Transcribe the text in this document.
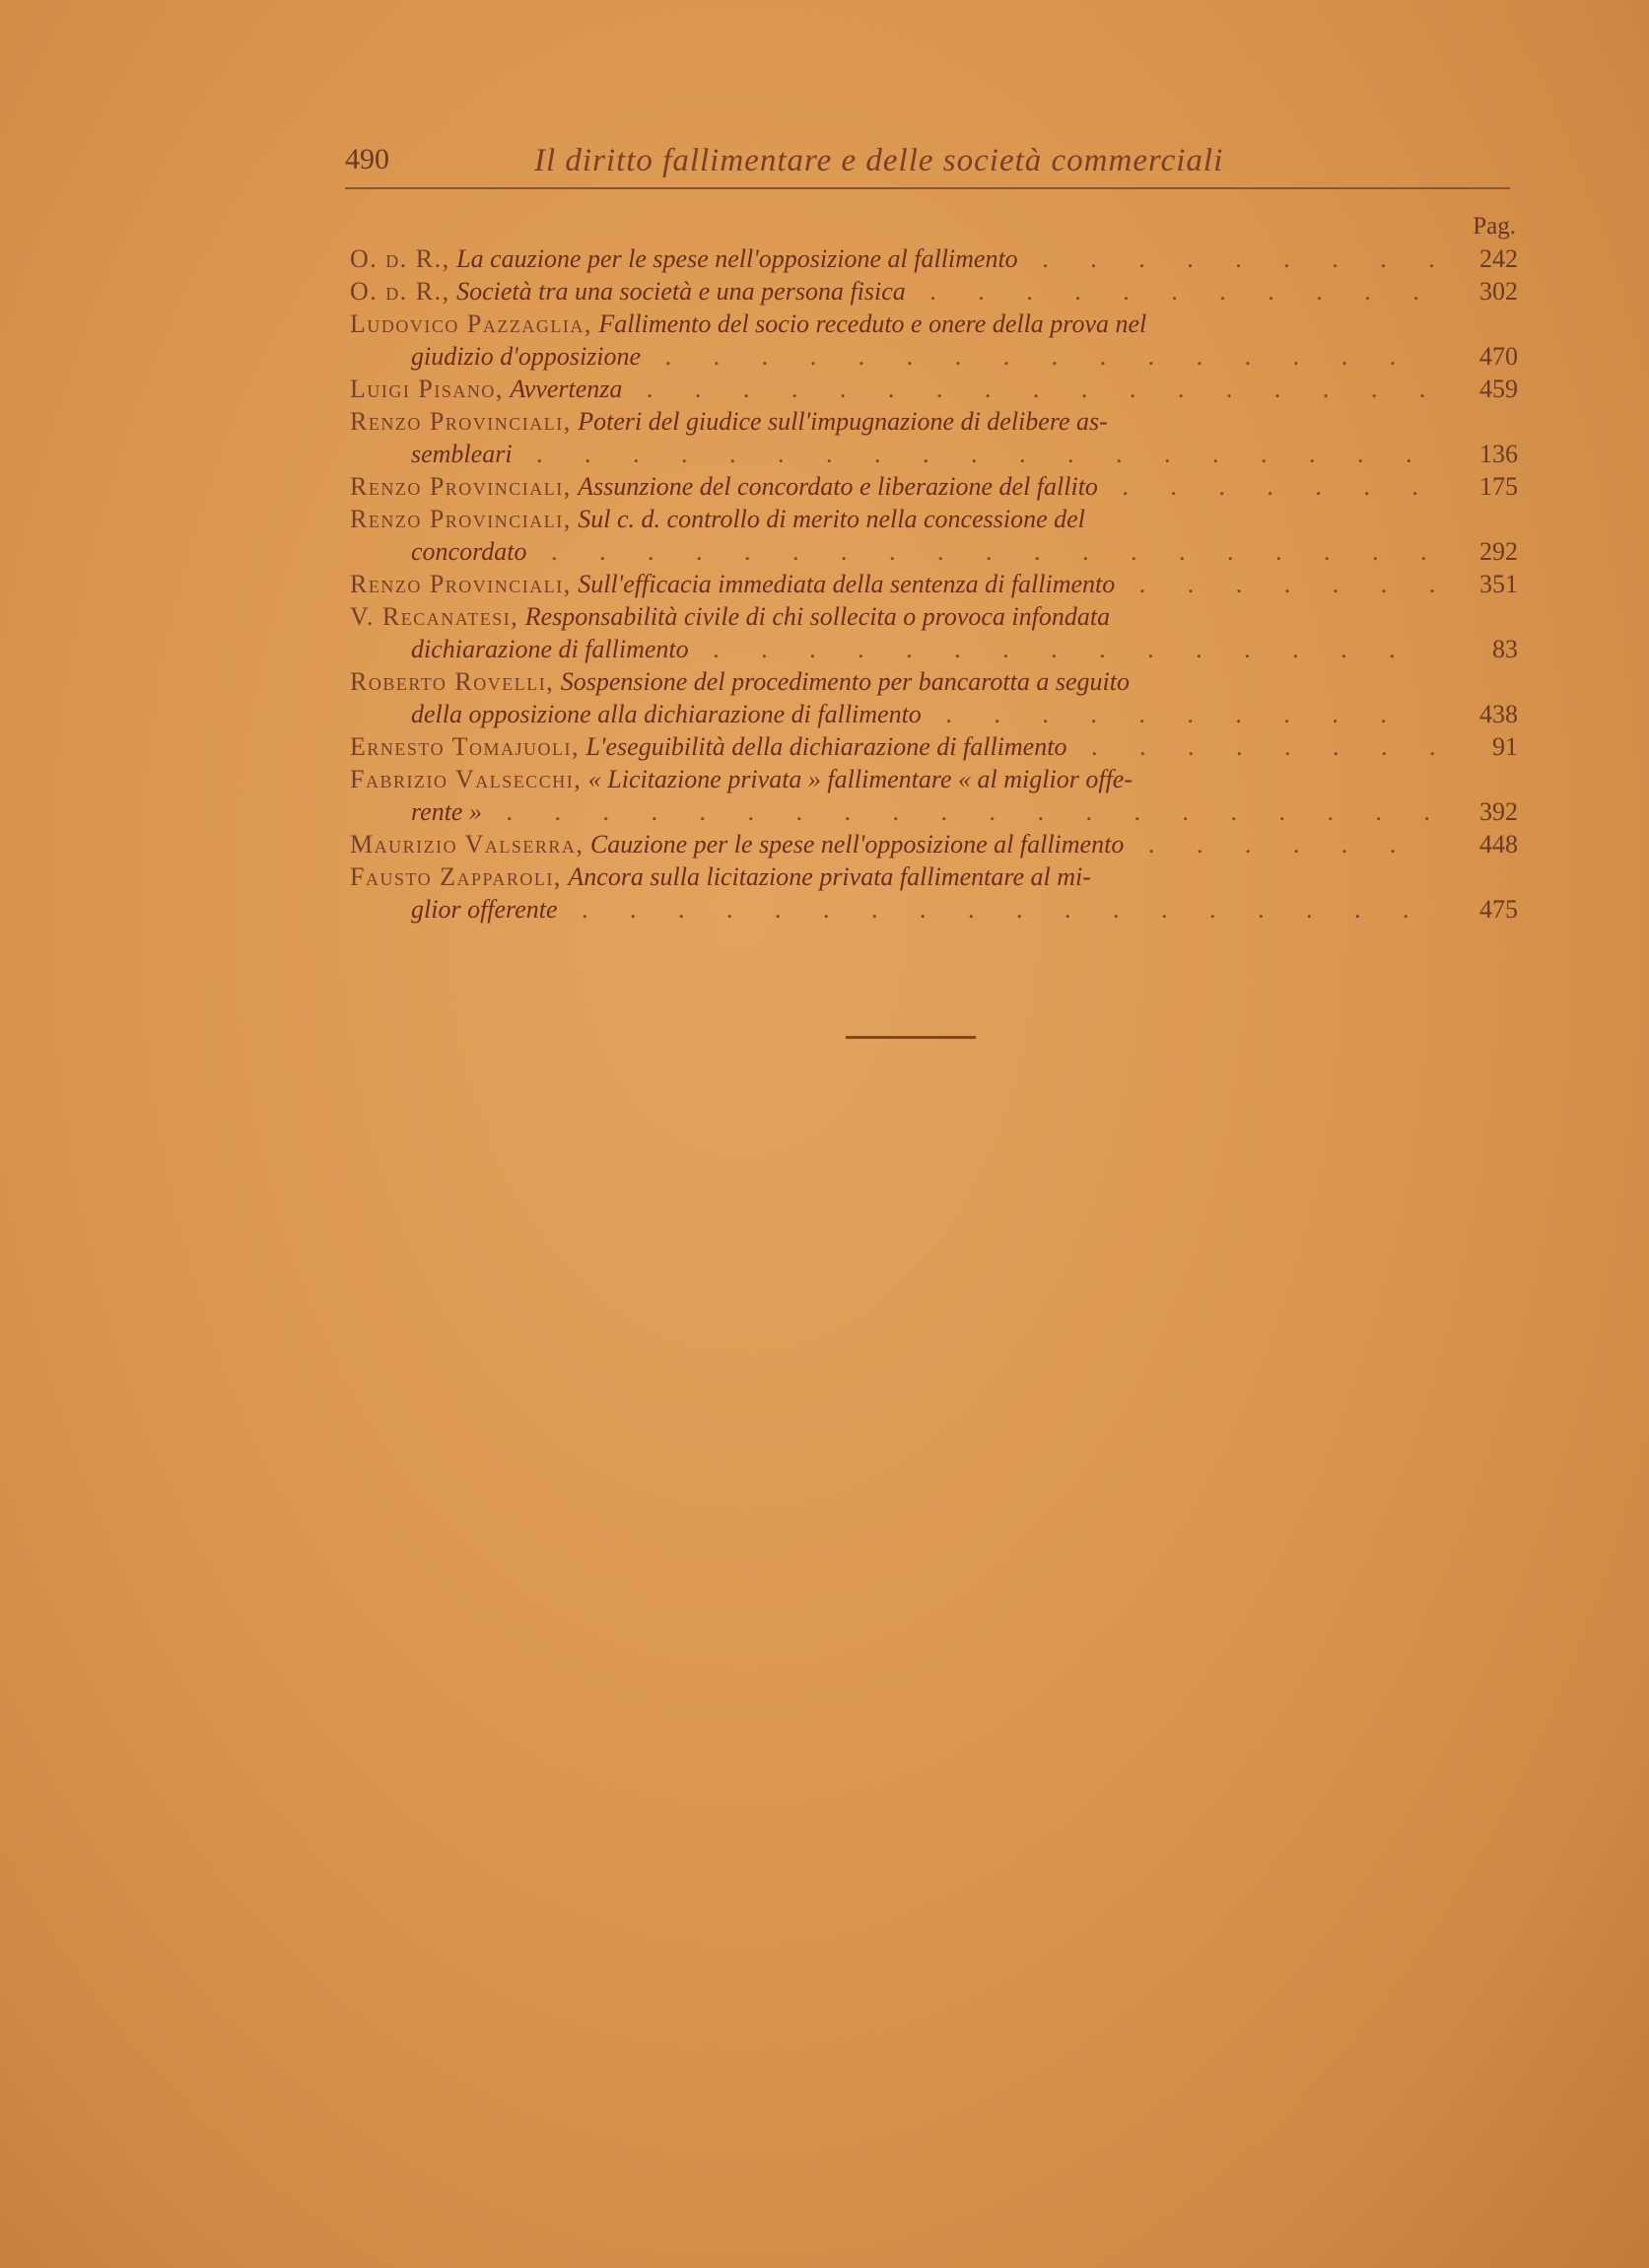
490	Il diritto fallimentare e delle società commerciali
Pag.
O. d. R., La cauzione per le spese nell'opposizione al fallimento . . . . . . . . .	242
O. d. R., Società tra una società e una persona fisica . . . . . . . . . . .	302
Ludovico Pazzaglia, Fallimento del socio receduto e onere della prova nel
giudizio d'opposizione . . . . . . . . . . . . . . . .	470
Luigi Pisano, Avvertenza . . . . . . . . . . . . . . . . .	459
Renzo Provinciali, Poteri del giudice sull'impugnazione di delibere as-
sembleari . . . . . . . . . . . . . . . . . . .	136
Renzo Provinciali, Assunzione del concordato e liberazione del fallito . . . . . . .	175
Renzo Provinciali, Sul c. d. controllo di merito nella concessione del
concordato . . . . . . . . . . . . . . . . . . .	292
Renzo Provinciali, Sull'efficacia immediata della sentenza di fallimento . . . . . . .	351
V. Recanatesi, Responsabilità civile di chi sollecita o provoca infondata
dichiarazione di fallimento . . . . . . . . . . . . . . .	83
Roberto Rovelli, Sospensione del procedimento per bancarotta a seguito
della opposizione alla dichiarazione di fallimento . . . . . . . . . .	438
Ernesto Tomajuoli, L'eseguibilità della dichiarazione di fallimento . . . . . . . .	91
Fabrizio Valsecchi, « Licitazione privata » fallimentare « al miglior offe-
rente » . . . . . . . . . . . . . . . . . . . .	392
Maurizio Valserra, Cauzione per le spese nell'opposizione al fallimento . . . . . .	448
Fausto Zapparoli, Ancora sulla licitazione privata fallimentare al mi-
glior offerente . . . . . . . . . . . . . . . . . .	475
